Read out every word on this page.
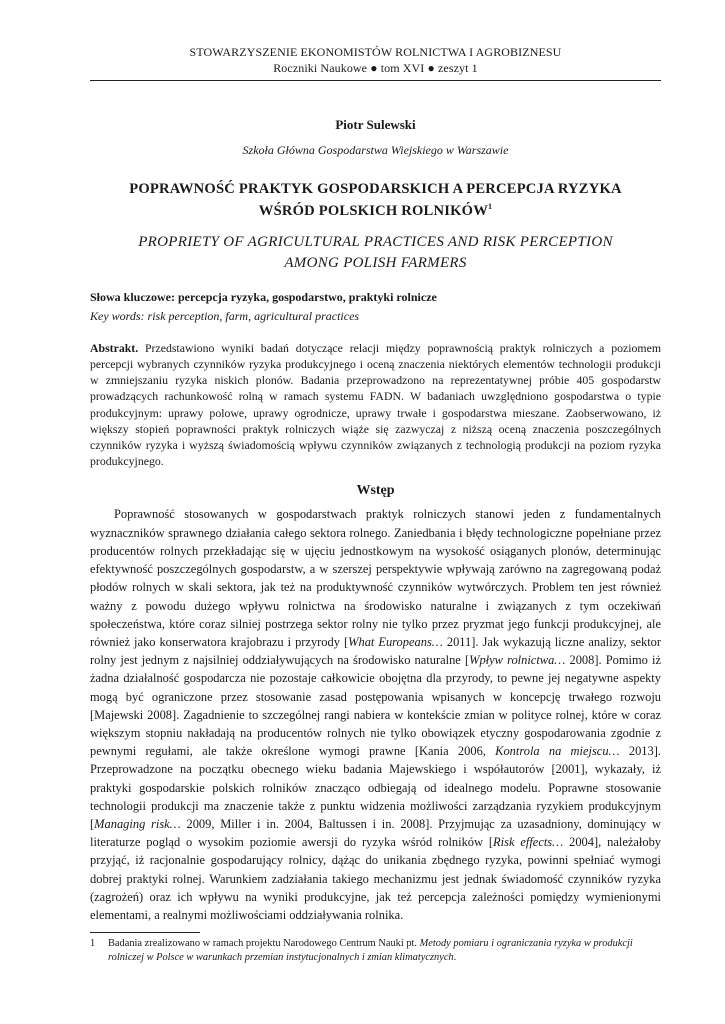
STOWARZYSZENIE EKONOMISTÓW ROLNICTWA I AGROBIZNESU
Roczniki Naukowe ● tom XVI ● zeszyt 1
Piotr Sulewski
Szkoła Główna Gospodarstwa Wiejskiego w Warszawie
POPRAWNOŚĆ PRAKTYK GOSPODARSKICH A PERCEPCJA RYZYKA
WŚRÓD POLSKICH ROLNIKÓW$^1$
PROPRIETY OF AGRICULTURAL PRACTICES AND RISK PERCEPTION
AMONG POLISH FARMERS
Słowa kluczowe: percepcja ryzyka, gospodarstwo, praktyki rolnicze
Key words: risk perception, farm, agricultural practices
Abstrakt. Przedstawiono wyniki badań dotyczące relacji między poprawnością praktyk rolniczych a poziomem percepcji wybranych czynników ryzyka produkcyjnego i oceną znaczenia niektórych elementów technologii produkcji w zmniejszaniu ryzyka niskich plonów. Badania przeprowadzono na reprezentatywnej próbie 405 gospodarstw prowadzących rachunkowość rolną w ramach systemu FADN. W badaniach uwzględniono gospodarstwa o typie produkcyjnym: uprawy polowe, uprawy ogrodnicze, uprawy trwałe i gospodarstwa mieszane. Zaobserwowano, iż większy stopień poprawności praktyk rolniczych wiąże się zazwyczaj z niższą oceną znaczenia poszczególnych czynników ryzyka i wyższą świadomością wpływu czynników związanych z technologią produkcji na poziom ryzyka produkcyjnego.
Wstęp
Poprawność stosowanych w gospodarstwach praktyk rolniczych stanowi jeden z fundamentalnych wyznaczników sprawnego działania całego sektora rolnego. Zaniedbania i błędy technologiczne popełniane przez producentów rolnych przekładając się w ujęciu jednostkowym na wysokość osiąganych plonów, determinując efektywność poszczególnych gospodarstw, a w szerszej perspektywie wpływają zarówno na zagregowaną podaż płodów rolnych w skali sektora, jak też na produktywność czynników wytwórczych. Problem ten jest również ważny z powodu dużego wpływu rolnictwa na środowisko naturalne i związanych z tym oczekiwań społeczeństwa, które coraz silniej postrzega sektor rolny nie tylko przez pryzmat jego funkcji produkcyjnej, ale również jako konserwatora krajobrazu i przyrody [What Europeans… 2011]. Jak wykazują liczne analizy, sektor rolny jest jednym z najsilniej oddziaływujących na środowisko naturalne [Wpływ rolnictwa… 2008]. Pomimo iż żadna działalność gospodarcza nie pozostaje całkowicie obojętna dla przyrody, to pewne jej negatywne aspekty mogą być ograniczone przez stosowanie zasad postępowania wpisanych w koncepcję trwałego rozwoju [Majewski 2008]. Zagadnienie to szczególnej rangi nabiera w kontekście zmian w polityce rolnej, które w coraz większym stopniu nakładają na producentów rolnych nie tylko obowiązek etyczny gospodarowania zgodnie z pewnymi regułami, ale także określone wymogi prawne [Kania 2006, Kontrola na miejscu… 2013]. Przeprowadzone na początku obecnego wieku badania Majewskiego i współautorów [2001], wykazały, iż praktyki gospodarskie polskich rolników znacząco odbiegają od idealnego modelu. Poprawne stosowanie technologii produkcji ma znaczenie także z punktu widzenia możliwości zarządzania ryzykiem produkcyjnym [Managing risk… 2009, Miller i in. 2004, Baltussen i in. 2008]. Przyjmując za uzasadniony, dominujący w literaturze pogląd o wysokim poziomie awersji do ryzyka wśród rolników [Risk effects… 2004], należałoby przyjąć, iż racjonalnie gospodarujący rolnicy, dążąc do unikania zbędnego ryzyka, powinni spełniać wymogi dobrej praktyki rolnej. Warunkiem zadziałania takiego mechanizmu jest jednak świadomość czynników ryzyka (zagrożeń) oraz ich wpływu na wyniki produkcyjne, jak też percepcja zależności pomiędzy wymienionymi elementami, a realnymi możliwościami oddziaływania rolnika.
1	Badania zrealizowano w ramach projektu Narodowego Centrum Nauki pt. Metody pomiaru i ograniczania ryzyka w produkcji rolniczej w Polsce w warunkach przemian instytucjonalnych i zmian klimatycznych.
